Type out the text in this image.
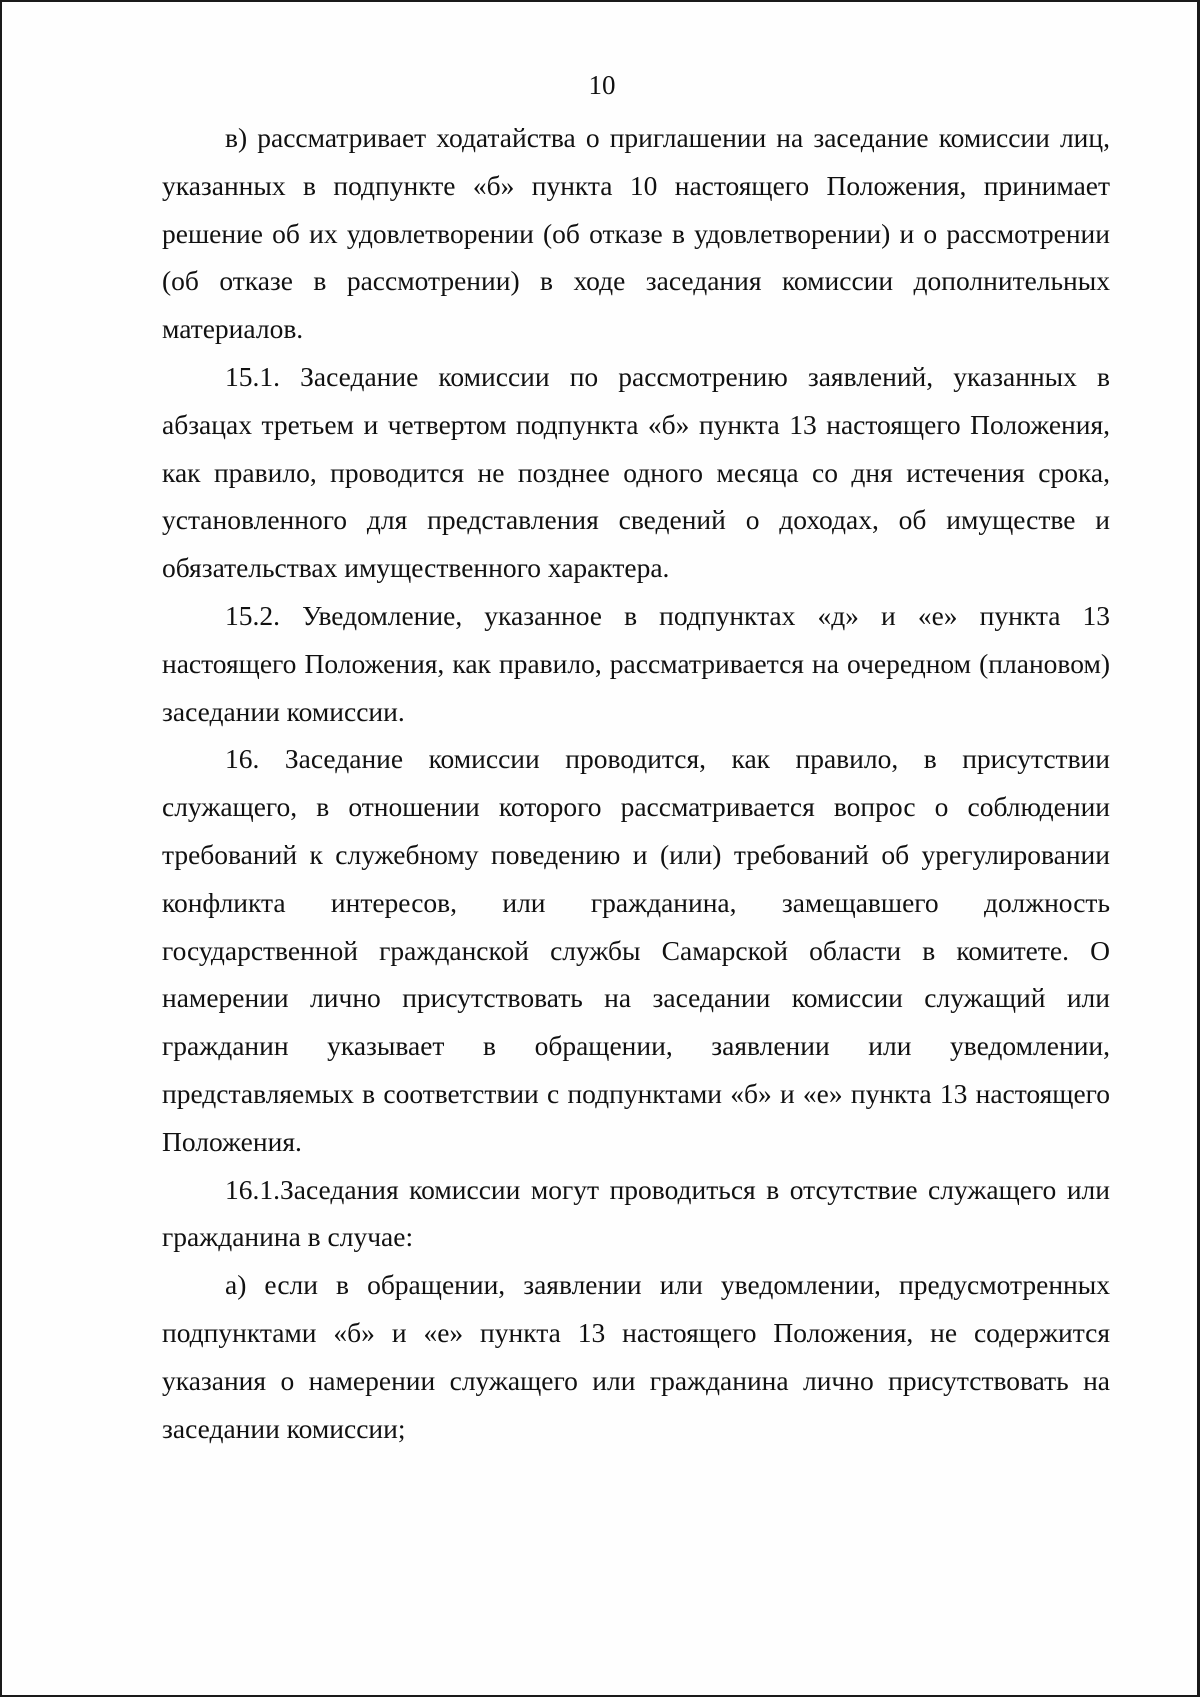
10

в) рассматривает ходатайства о приглашении на заседание комиссии лиц, указанных в подпункте «б» пункта 10 настоящего Положения, принимает решение об их удовлетворении (об отказе в удовлетворении) и о рассмотрении (об отказе в рассмотрении) в ходе заседания комиссии дополнительных материалов.

15.1. Заседание комиссии по рассмотрению заявлений, указанных в абзацах третьем и четвертом подпункта «б» пункта 13 настоящего Положения, как правило, проводится не позднее одного месяца со дня истечения срока, установленного для представления сведений о доходах, об имуществе и обязательствах имущественного характера.

15.2. Уведомление, указанное в подпунктах «д» и «е» пункта 13 настоящего Положения, как правило, рассматривается на очередном (плановом) заседании комиссии.

16. Заседание комиссии проводится, как правило, в присутствии служащего, в отношении которого рассматривается вопрос о соблюдении требований к служебному поведению и (или) требований об урегулировании конфликта интересов, или гражданина, замещавшего должность государственной гражданской службы Самарской области в комитете. О намерении лично присутствовать на заседании комиссии служащий или гражданин указывает в обращении, заявлении или уведомлении, представляемых в соответствии с подпунктами «б» и «е» пункта 13 настоящего Положения.

16.1.Заседания комиссии могут проводиться в отсутствие служащего или гражданина в случае:

а) если в обращении, заявлении или уведомлении, предусмотренных подпунктами «б» и «е» пункта 13 настоящего Положения, не содержится указания о намерении служащего или гражданина лично присутствовать на заседании комиссии;
